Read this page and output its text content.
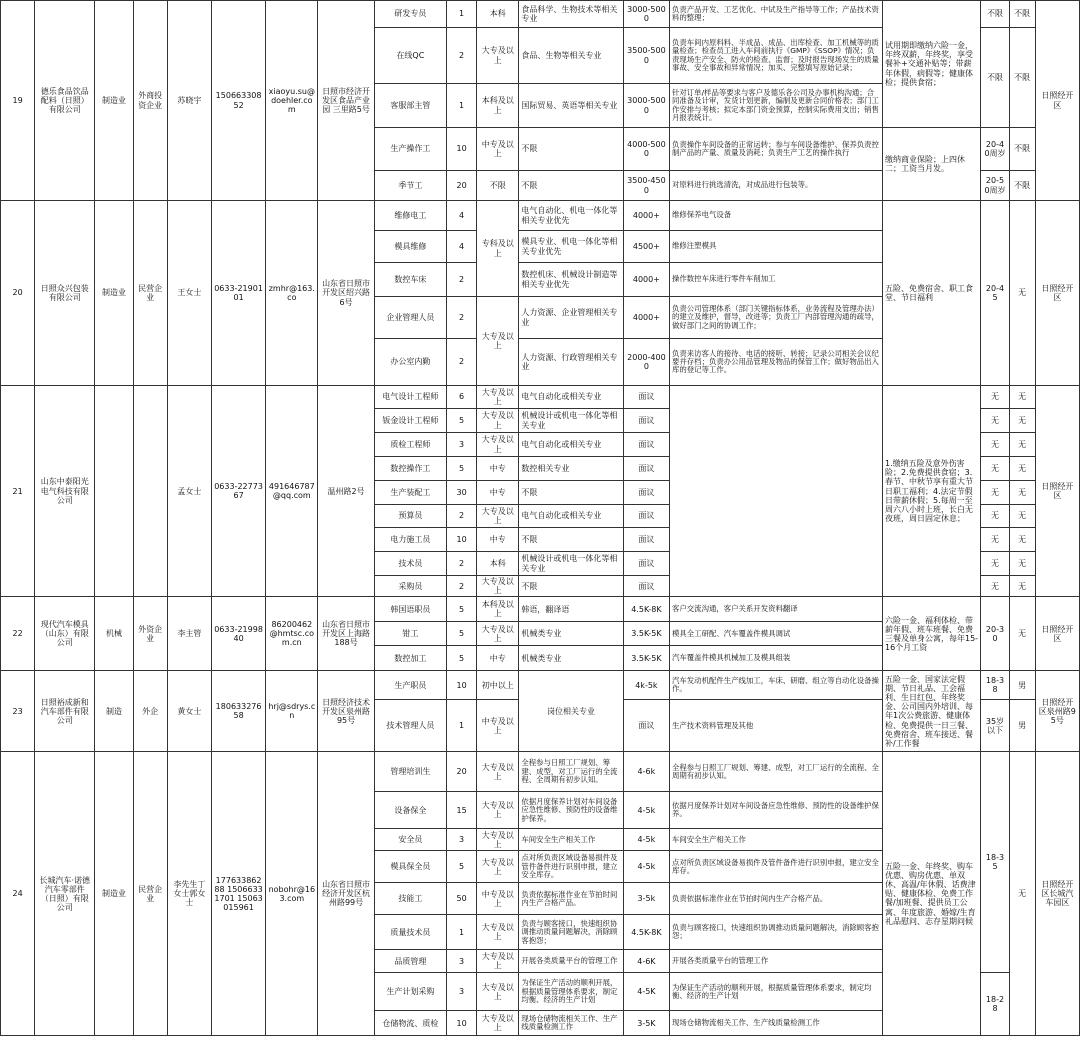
19	德乐食品饮品配料（日照）有限公司	制造业	外商投资企业	苏晓宇	15066330852	xiaoyu.su@doehler.com	日照市经济开发区食品产业园 三里路5号	研发专员	1	本科	食品科学、生物技术等相关专业	3000-5000	负责产品开发、工艺优化、中试及生产指导等工作；产品技术资料的整理；	试用期即缴纳六险一金，年终双薪，年终奖，享受餐补+交通补贴等；带薪年休假，病假等；健康体检；提供食宿；	不限	不限	日照经开区
								在线QC	2	大专及以上	食品、生物等相关专业	3500-5000	负责车间内原料料、半成品、成品、出库检查、加工机械等的质量检查；检查员工进入车间前执行《GMP》《SSOP》情况；负责现场生产安全、防火的检查、监督；及时报告现场发生的质量事故、安全事故和异常情况；加买、完整填写原始记录；		不限	不限	
								客服部主管	1	本科及以上	国际贸易、英语等相关专业	3000-5000	针对订单/样品等要求与客户及德乐各公司及办事机构沟通；合同准备及计审，发货计划更新，编制及更新合同价格表；部门工作安排与考核；拟定本部门资金预算，控制实际费用支出；销售月报表统计。				
								生产操作工	10	中专及以上	不限	4000-5000	负责操作车间设备的正常运转；参与车间设备维护、保养负责控制产品的产量、质量及消耗；负责生产工艺的操作执行	缴纳商业保险；上四休二；工资当月发。	20-40周岁	不限	
								季节工	20	不限	不限	3500-4500	对原料进行挑选清洗，对成品进行包装等。		20-50周岁	不限	
20	日照众兴包装有限公司	制造业	民营企业	王女士	0633-2190101	zmhr@163.co	山东省日照市开发区绍兴路6号	维修电工	4	专科及以上	电气自动化、机电一体化等相关专业优先	4000+	维修保养电气设备	五险、免费宿舍、职工食堂、节日福利	20-45	无	日照经开区
								模具维修	4		模具专业、机电一体化等相关专业优先	4500+	维修注塑模具				
								数控车床	2		数控机床、机械设计制造等相关专业优先	4000+	操作数控车床进行零件车削加工				
								企业管理人员	2	大专及以上	人力资源、企业管理相关专业	4000+	负责公司管理体系（部门关键指标体系，业务流程及管理办法）的建立及维护，督导，改进等；负责工厂内部管理沟通的疏导，做好部门之间的协调工作；				
								办公室内勤	2		人力资源、行政管理相关专业	2000-4000	负责来访客人的接待、电话的接听、转接；记录公司相关会议纪要并存档；负责办公用品管理及物品的保管工作；做好物品出入库的登记等工作。				
21	山东中泰阳光电气科技有限公司			孟女士	0633-2277367	491646787@qq.com	温州路2号	电气设计工程师	6	大专及以上	电气自动化或相关专业	面议		1.缴纳五险及意外伤害险；2.免费提供食宿；3.春节、中秋节享有重大节日职工福利；4.法定节假日带薪休假；5.每周一至周六八小时上班，长白无夜班，周日固定休息；	无	无	日照经开区
								钣金设计工程师	5	大专及以上	机械设计或机电一体化等相关专业	面议			无	无	
								质检工程师	3	大专及以上	电气自动化或相关专业	面议			无	无	
								数控操作工	5	中专	数控相关专业	面议			无	无	
								生产装配工	30	中专	不限	面议			无	无	
								预算员	2	大专及以上	电气自动化或相关专业	面议			无	无	
								电力施工员	10	中专	不限	面议			无	无	
								技术员	2	本科	机械设计或机电一体化等相关专业	面议			无	无	
								采购员	2	大专及以上	不限	面议			无	无	
22	现代汽车模具（山东）有限公司	机械	外资企业	李主管	0633-2199840	86200462@hmtsc.com.cn	山东省日照市开发区上海路188号	韩国语职员	5	本科及以上	韩语，翻译语	4.5K-8K	客户交流沟通，客户关系开发资料翻译	六险一金、福利体检、带薪年假、班车班餐、免费三餐及单身公寓，每年15-16个月工资	20-30	无	日照经开区
								钳工	5	大专及以上	机械类专业	3.5K-5K	模具全工研配、汽车覆盖件模具调试				
								数控加工	5	中专	机械类专业	3.5K-5K	汽车覆盖件模具机械加工及模具组装				
23	日照裕成新和汽车部件有限公司	制造	外企	黄女士	18063327658	hrj@sdrys.cn	日照经济技术开发区泉州路95号	生产职员	10	初中以上	岗位相关专业	4k-5k	汽车发动机配件生产线加工，车床、研磨、组立等自动化设备操作。	五险一金、国家法定假期、节日礼品、工会福利、生日红包、年终奖金、公司国内外培训、每年1次公费旅游、健康体检、免费提供一日三餐、免费宿舍、班车接送、餐补/工作餐	18-38	男	日照经开区泉州路95号
								技术管理人员	1	中专及以上		面议	生产技术资料管理及其他		35岁以下	男	
24	长城汽车·诺德汽车零部件（日照）有限公司	制造业	民营企业	李先生丁女士郭女士	17763386288 15066331701 15063015961	nobohr@163.com	山东省日照市经济开发区杭州路99号	管理培训生	20	大专及以上	全程参与日照工厂规划、筹建、成型，对工厂运行的全流程、全周期有初步认知。	4-6k	全程参与日照工厂规划、筹建、成型，对工厂运行的全流程、全周期有初步认知。	五险一金、年终奖、购车优惠、购房优惠、单双休、高温/年休假、话费津贴、健康体检、免费工作餐/加班餐、提供员工公寓、年度旅游、婚嫁/生育礼品慰问、志存星期问候	18-35	无	日照经开区长城汽车园区
								设备保全	15	大专及以上	依据月度保养计划对车间设备应急性维修、预防性的设备维护保养。	4-5k	依据月度保养计划对车间设备应急性维修、预防性的设备维护保养。				
								安全员	3	大专及以上	车间安全生产相关工作	4-5k	车间安全生产相关工作				
								模具保全员	5	大专及以上	点对所负责区域设备易损件及管件备件进行识别申报，建立安全库存。	4-5k	点对所负责区域设备易损件及管件备件进行识别申报，建立安全库存。				
								技能工	50	中专及以上	负责依据标准作业在节拍时间内生产合格产品。	3-5k	负责依据标准作业在节拍时间内生产合格产品。				
								质量技术员	1	大专及以上	负责与顾客接口，快速组织协调推动质量问题解决，消除顾客抱怨；	4.5K-8K	负责与顾客接口，快速组织协调推动质量问题解决，消除顾客抱怨；				
								品质管理	3	大专及以上	开展各类质量平台的管理工作	4-6K	开展各类质量平台的管理工作				
								生产计划采购	3	大专及以上	为保证生产活动的顺利开展，根据质量管理体系要求，制定均衡、经济的生产计划	4-5K	为保证生产活动的顺利开展，根据质量管理体系要求，制定均衡、经济的生产计划		18-28		
								仓储物流、质检	10	大专及以上	现场仓储物流相关工作、生产线质量检测工作	3-5K	现场仓储物流相关工作、生产线质量检测工作				
